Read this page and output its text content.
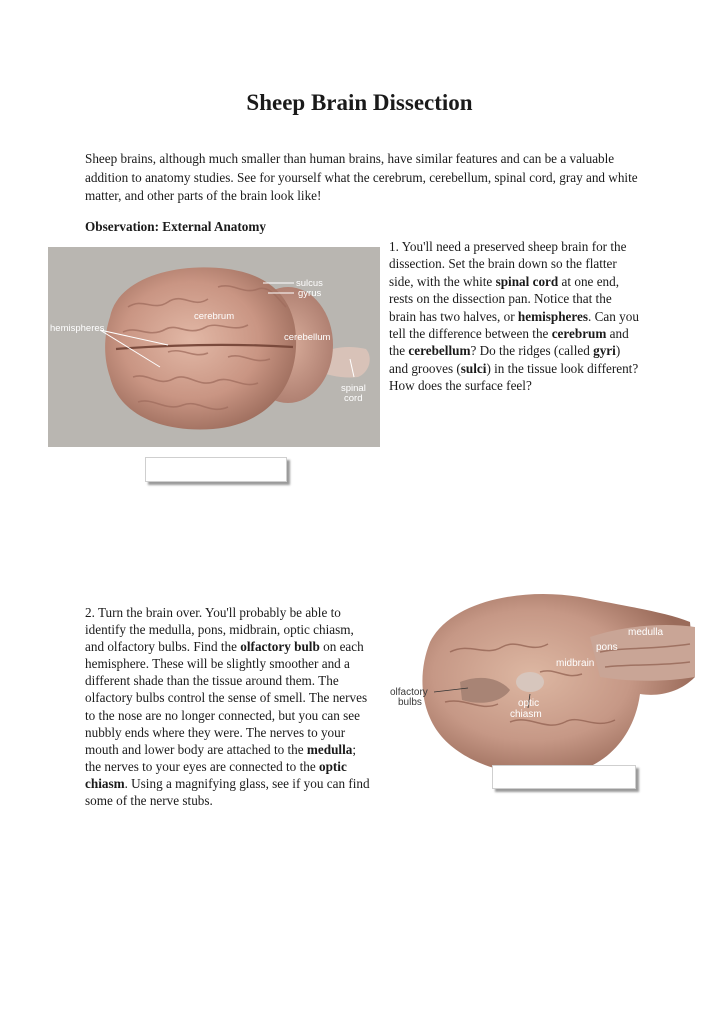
Sheep Brain Dissection

Sheep brains, although much smaller than human brains, have similar features and can be a valuable addition to anatomy studies. See for yourself what the cerebrum, cerebellum, spinal cord, gray and white matter, and other parts of the brain look like!

Observation: External Anatomy

sulcus
gyrus
cerebrum
hemispheres
cerebellum
spinal
cord

1. You'll need a preserved sheep brain for the dissection. Set the brain down so the flatter side, with the white spinal cord at one end, rests on the dissection pan. Notice that the brain has two halves, or hemispheres. Can you tell the difference between the cerebrum and the cerebellum? Do the ridges (called gyri) and grooves (sulci) in the tissue look different? How does the surface feel?

2. Turn the brain over. You'll probably be able to identify the medulla, pons, midbrain, optic chiasm, and olfactory bulbs. Find the olfactory bulb on each hemisphere. These will be slightly smoother and a different shade than the tissue around them. The olfactory bulbs control the sense of smell. The nerves to the nose are no longer connected, but you can see nubbly ends where they were. The nerves to your mouth and lower body are attached to the medulla; the nerves to your eyes are connected to the optic chiasm. Using a magnifying glass, see if you can find some of the nerve stubs.

medulla
pons
midbrain
olfactory
bulbs	optic
chiasm
